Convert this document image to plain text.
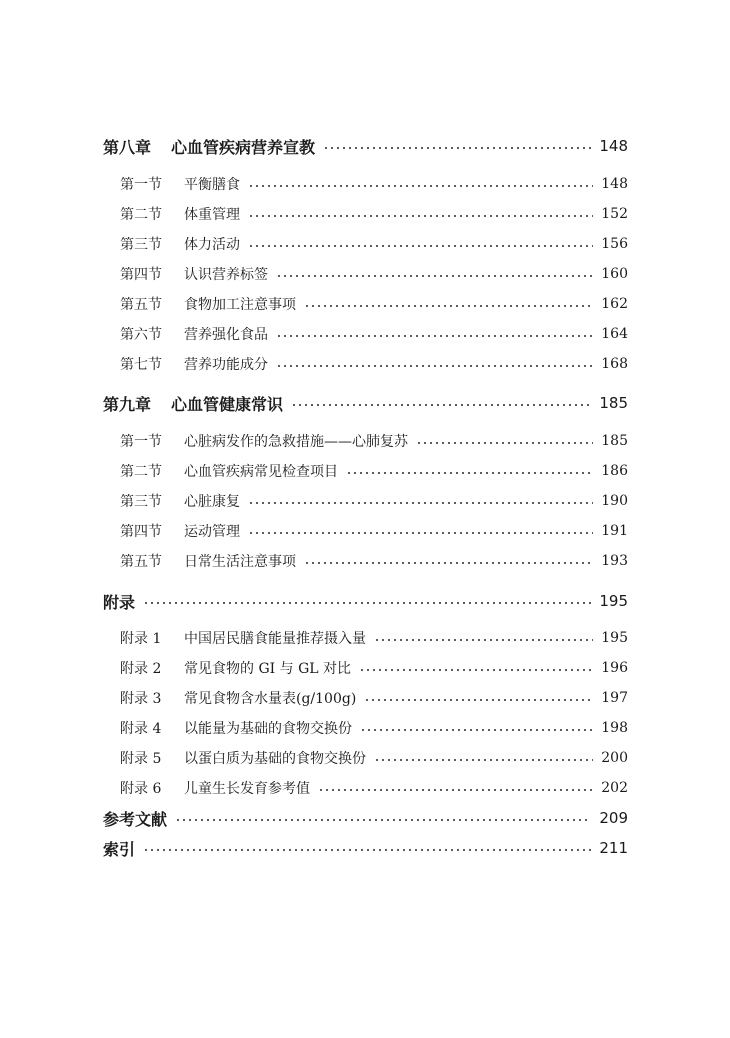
第八章	心血管疾病营养宣教	148
第一节	平衡膳食	148
第二节	体重管理	152
第三节	体力活动	156
第四节	认识营养标签	160
第五节	食物加工注意事项	162
第六节	营养强化食品	164
第七节	营养功能成分	168
第九章	心血管健康常识	185
第一节	心脏病发作的急救措施——心肺复苏	185
第二节	心血管疾病常见检查项目	186
第三节	心脏康复	190
第四节	运动管理	191
第五节	日常生活注意事项	193
附录	195
附录 1	中国居民膳食能量推荐摄入量	195
附录 2	常见食物的 GI 与 GL 对比	196
附录 3	常见食物含水量表(g/100g)	197
附录 4	以能量为基础的食物交换份	198
附录 5	以蛋白质为基础的食物交换份	200
附录 6	儿童生长发育参考值	202
参考文献	209
索引	211
